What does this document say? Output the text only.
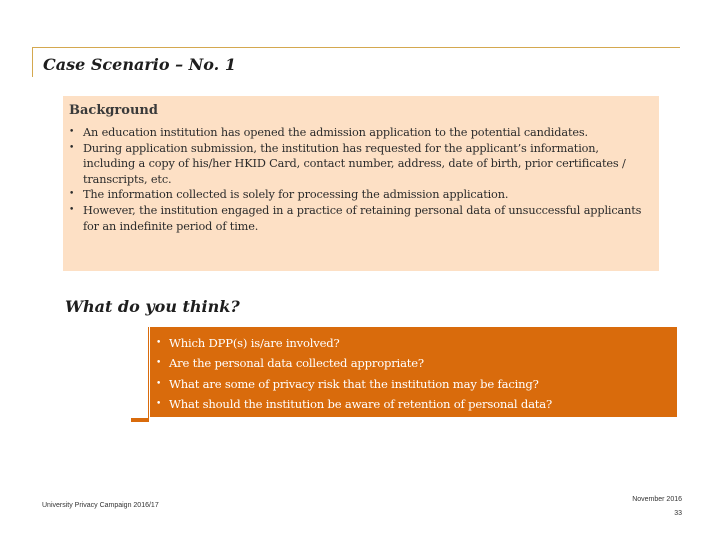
Case Scenario – No. 1
Background
• An education institution has opened the admission application to the potential candidates.
• During application submission, the institution has requested for the applicant’s information, including a copy of his/her HKID Card, contact number, address, date of birth, prior certificates / transcripts, etc.
• The information collected is solely for processing the admission application.
• However, the institution engaged in a practice of retaining personal data of unsuccessful applicants for an indefinite period of time.
What do you think?
• Which DPP(s) is/are involved?
• Are the personal data collected appropriate?
• What are some of privacy risk that the institution may be facing?
• What should the institution be aware of retention of personal data?
University Privacy Campaign 2016/17
November 2016
33
